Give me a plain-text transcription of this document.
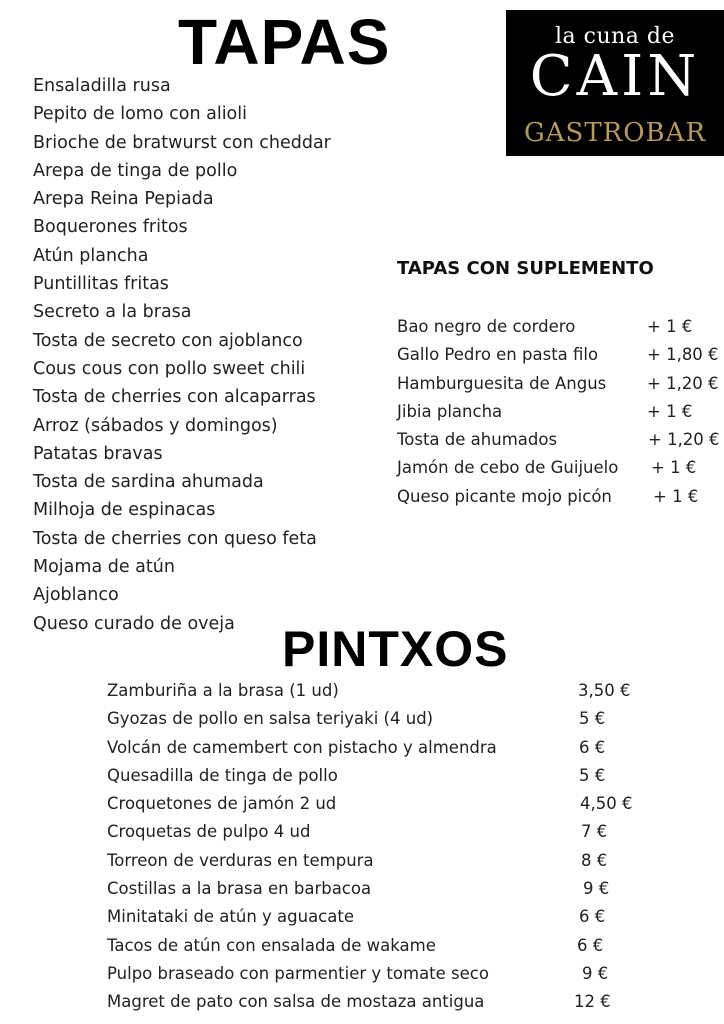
TAPAS	la cuna de
CAIN
GASTROBAR
Ensaladilla rusa
Pepito de lomo con alioli
Brioche de bratwurst con cheddar
Arepa de tinga de pollo
Arepa Reina Pepiada
Boquerones fritos
Atún plancha
Puntillitas fritas
Secreto a la brasa
Tosta de secreto con ajoblanco
Cous cous con pollo sweet chili
Tosta de cherries con alcaparras
Arroz (sábados y domingos)
Patatas bravas
Tosta de sardina ahumada
Milhoja de espinacas
Tosta de cherries con queso feta
Mojama de atún
Ajoblanco
Queso curado de oveja
TAPAS CON SUPLEMENTO
Bao negro de cordero	+ 1 €
Gallo Pedro en pasta filo	+ 1,80 €
Hamburguesita de Angus + 1,20 €
Jibia plancha	+ 1 €
Tosta de ahumados	+ 1,20 €
Jamón de cebo de Guijuelo + 1 €
Queso picante mojo picón + 1 €
PINTXOS
Zamburiña a la brasa (1 ud)	3,50 €
Gyozas de pollo en salsa teriyaki (4 ud)	5 €
Volcán de camembert con pistacho y almendra	6 €
Quesadilla de tinga de pollo	5 €
Croquetones de jamón 2 ud	4,50 €
Croquetas de pulpo 4 ud	7 €
Torreon de verduras en tempura	8 €
Costillas a la brasa en barbacoa	9 €
Minitataki de atún y aguacate	6 €
Tacos de atún con ensalada de wakame	6 €
Pulpo braseado con parmentier y tomate seco	9 €
Magret de pato con salsa de mostaza antigua	12 €
